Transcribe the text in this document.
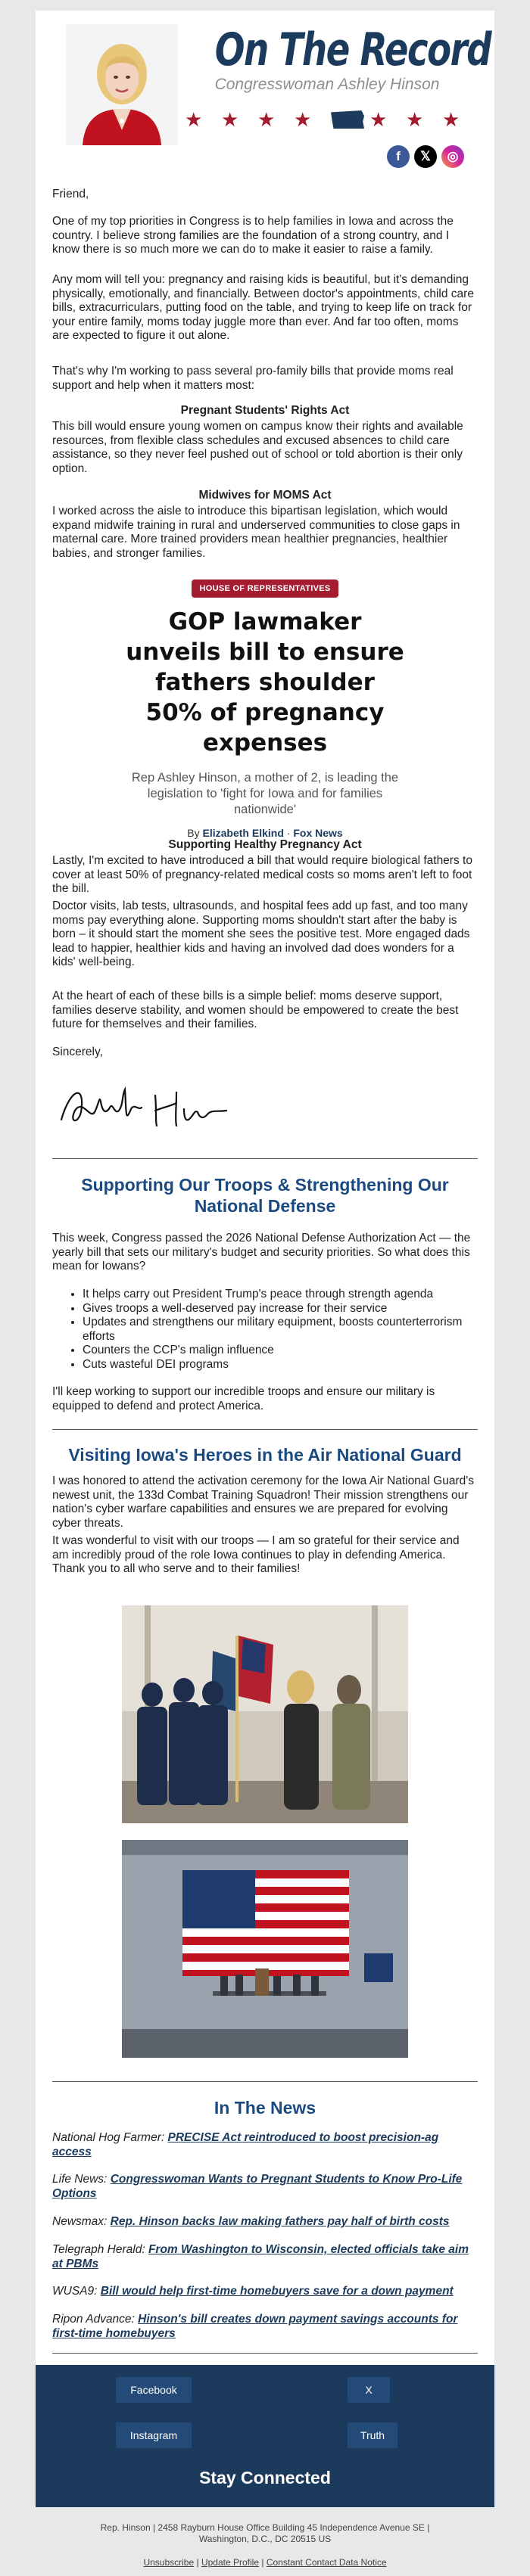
On The Record
Congresswoman Ashley Hinson
★ ★ ★ ★	★ ★ ★
f	𝕏	◎
Friend,
One of my top priorities in Congress is to help families in Iowa and across the country. I believe strong families are the foundation of a strong country, and I know there is so much more we can do to make it easier to raise a family.
Any mom will tell you: pregnancy and raising kids is beautiful, but it's demanding physically, emotionally, and financially. Between doctor's appointments, child care bills, extracurriculars, putting food on the table, and trying to keep life on track for your entire family, moms today juggle more than ever. And far too often, moms are expected to figure it out alone.
That's why I'm working to pass several pro-family bills that provide moms real support and help when it matters most:
Pregnant Students' Rights Act
This bill would ensure young women on campus know their rights and available resources, from flexible class schedules and excused absences to child care assistance, so they never feel pushed out of school or told abortion is their only option.
Midwives for MOMS Act
I worked across the aisle to introduce this bipartisan legislation, which would expand midwife training in rural and underserved communities to close gaps in maternal care. More trained providers mean healthier pregnancies, healthier babies, and stronger families.
HOUSE OF REPRESENTATIVES
GOP lawmaker unveils bill to ensure fathers shoulder 50% of pregnancy expenses
Rep Ashley Hinson, a mother of 2, is leading the legislation to 'fight for Iowa and for families nationwide'
By Elizabeth Elkind · Fox News
Supporting Healthy Pregnancy Act
Lastly, I'm excited to have introduced a bill that would require biological fathers to cover at least 50% of pregnancy-related medical costs so moms aren't left to foot the bill.
Doctor visits, lab tests, ultrasounds, and hospital fees add up fast, and too many moms pay everything alone. Supporting moms shouldn't start after the baby is born – it should start the moment she sees the positive test. More engaged dads lead to happier, healthier kids and having an involved dad does wonders for a kids' well-being.
At the heart of each of these bills is a simple belief: moms deserve support, families deserve stability, and women should be empowered to create the best future for themselves and their families.
Sincerely,
Supporting Our Troops & Strengthening Our National Defense
This week, Congress passed the 2026 National Defense Authorization Act — the yearly bill that sets our military's budget and security priorities. So what does this mean for Iowans?
• It helps carry out President Trump's peace through strength agenda
• Gives troops a well-deserved pay increase for their service
• Updates and strengthens our military equipment, boosts counterterrorism efforts
• Counters the CCP's malign influence
• Cuts wasteful DEI programs
I'll keep working to support our incredible troops and ensure our military is equipped to defend and protect America.
Visiting Iowa's Heroes in the Air National Guard
I was honored to attend the activation ceremony for the Iowa Air National Guard's newest unit, the 133d Combat Training Squadron! Their mission strengthens our nation's cyber warfare capabilities and ensures we are prepared for evolving cyber threats.
It was wonderful to visit with our troops — I am so grateful for their service and am incredibly proud of the role Iowa continues to play in defending America. Thank you to all who serve and to their families!
In The News
National Hog Farmer: PRECISE Act reintroduced to boost precision-ag access
Life News: Congresswoman Wants to Pregnant Students to Know Pro-Life Options
Newsmax: Rep. Hinson backs law making fathers pay half of birth costs
Telegraph Herald: From Washington to Wisconsin, elected officials take aim at PBMs
WUSA9: Bill would help first-time homebuyers save for a down payment
Ripon Advance: Hinson's bill creates down payment savings accounts for first-time homebuyers
Facebook	X
Instagram	Truth
Stay Connected
Rep. Hinson | 2458 Rayburn House Office Building 45 Independence Avenue SE |
Washington, D.C., DC 20515 US
Unsubscribe | Update Profile | Constant Contact Data Notice
